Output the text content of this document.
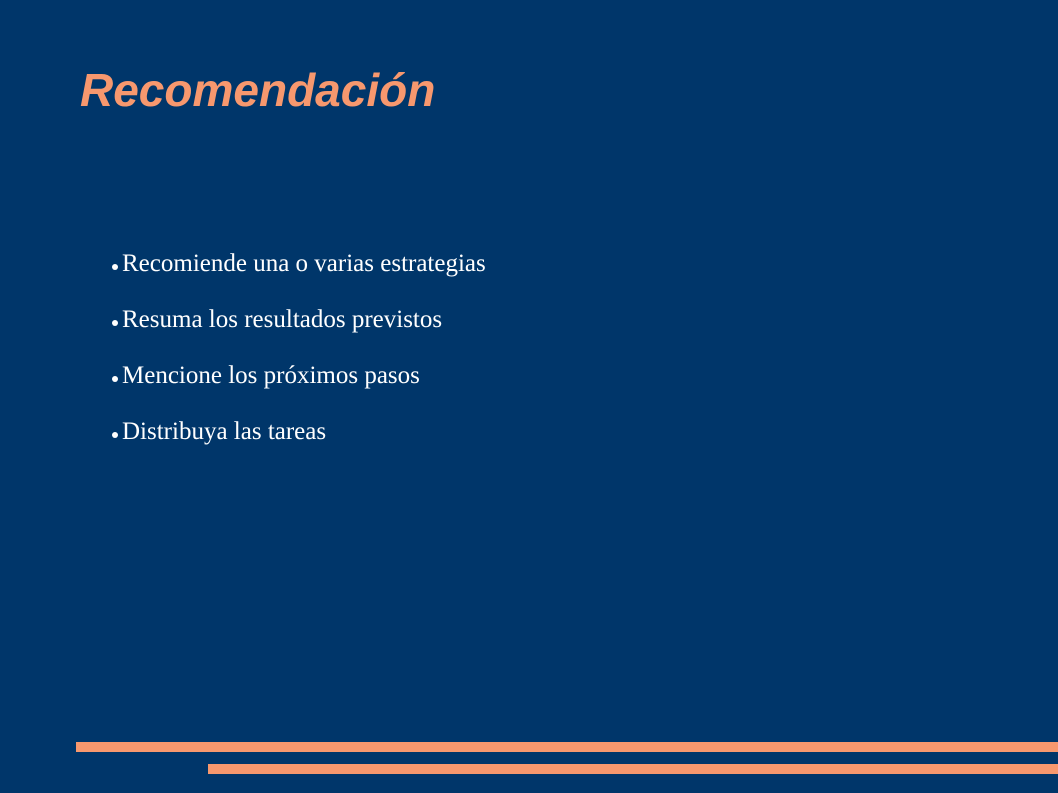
Recomendación
Recomiende una o varias estrategias
Resuma los resultados previstos
Mencione los próximos pasos
Distribuya las tareas
